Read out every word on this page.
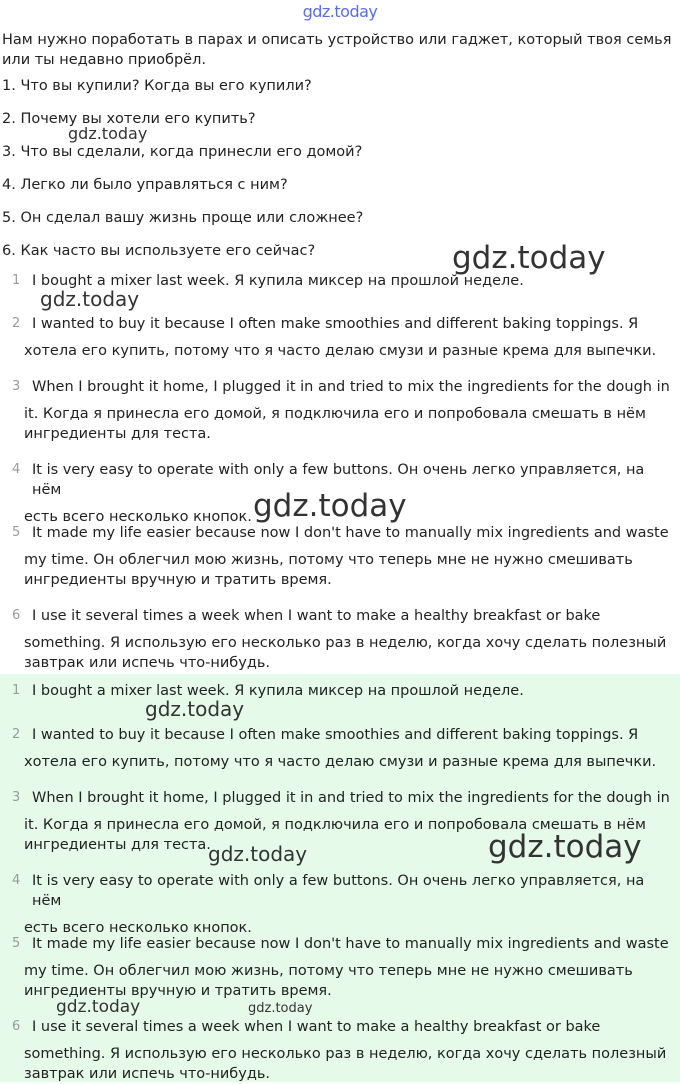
gdz.today
Нам нужно поработать в парах и описать устройство или гаджет, который твоя семья или ты недавно приобрёл.
1. Что вы купили? Когда вы его купили?
2. Почему вы хотели его купить?
3. Что вы сделали, когда принесли его домой?
4. Легко ли было управляться с ним?
5. Он сделал вашу жизнь проще или сложнее?
6. Как часто вы используете его сейчас?
1 I bought a mixer last week. Я купила миксер на прошлой неделе.
2 I wanted to buy it because I often make smoothies and different baking toppings. Я
хотела его купить, потому что я часто делаю смузи и разные крема для выпечки.
3 When I brought it home, I plugged it in and tried to mix the ingredients for the dough in
it. Когда я принесла его домой, я подключила его и попробовала смешать в нём ингредиенты для теста.
4 It is very easy to operate with only a few buttons. Он очень легко управляется, на нём
есть всего несколько кнопок.
5 It made my life easier because now I don't have to manually mix ingredients and waste
my time. Он облегчил мою жизнь, потому что теперь мне не нужно смешивать ингредиенты вручную и тратить время.
6 I use it several times a week when I want to make a healthy breakfast or bake
something. Я использую его несколько раз в неделю, когда хочу сделать полезный завтрак или испечь что-нибудь.
1 I bought a mixer last week. Я купила миксер на прошлой неделе.
2 I wanted to buy it because I often make smoothies and different baking toppings. Я
хотела его купить, потому что я часто делаю смузи и разные крема для выпечки.
3 When I brought it home, I plugged it in and tried to mix the ingredients for the dough in
it. Когда я принесла его домой, я подключила его и попробовала смешать в нём ингредиенты для теста.
4 It is very easy to operate with only a few buttons. Он очень легко управляется, на нём
есть всего несколько кнопок.
5 It made my life easier because now I don't have to manually mix ingredients and waste
my time. Он облегчил мою жизнь, потому что теперь мне не нужно смешивать ингредиенты вручную и тратить время.
6 I use it several times a week when I want to make a healthy breakfast or bake
something. Я использую его несколько раз в неделю, когда хочу сделать полезный завтрак или испечь что-нибудь.
gdz.today
gdz.today
gdz.today
gdz.today
gdz.today
gdz.today
gdz.today
gdz.today	gdz.today
